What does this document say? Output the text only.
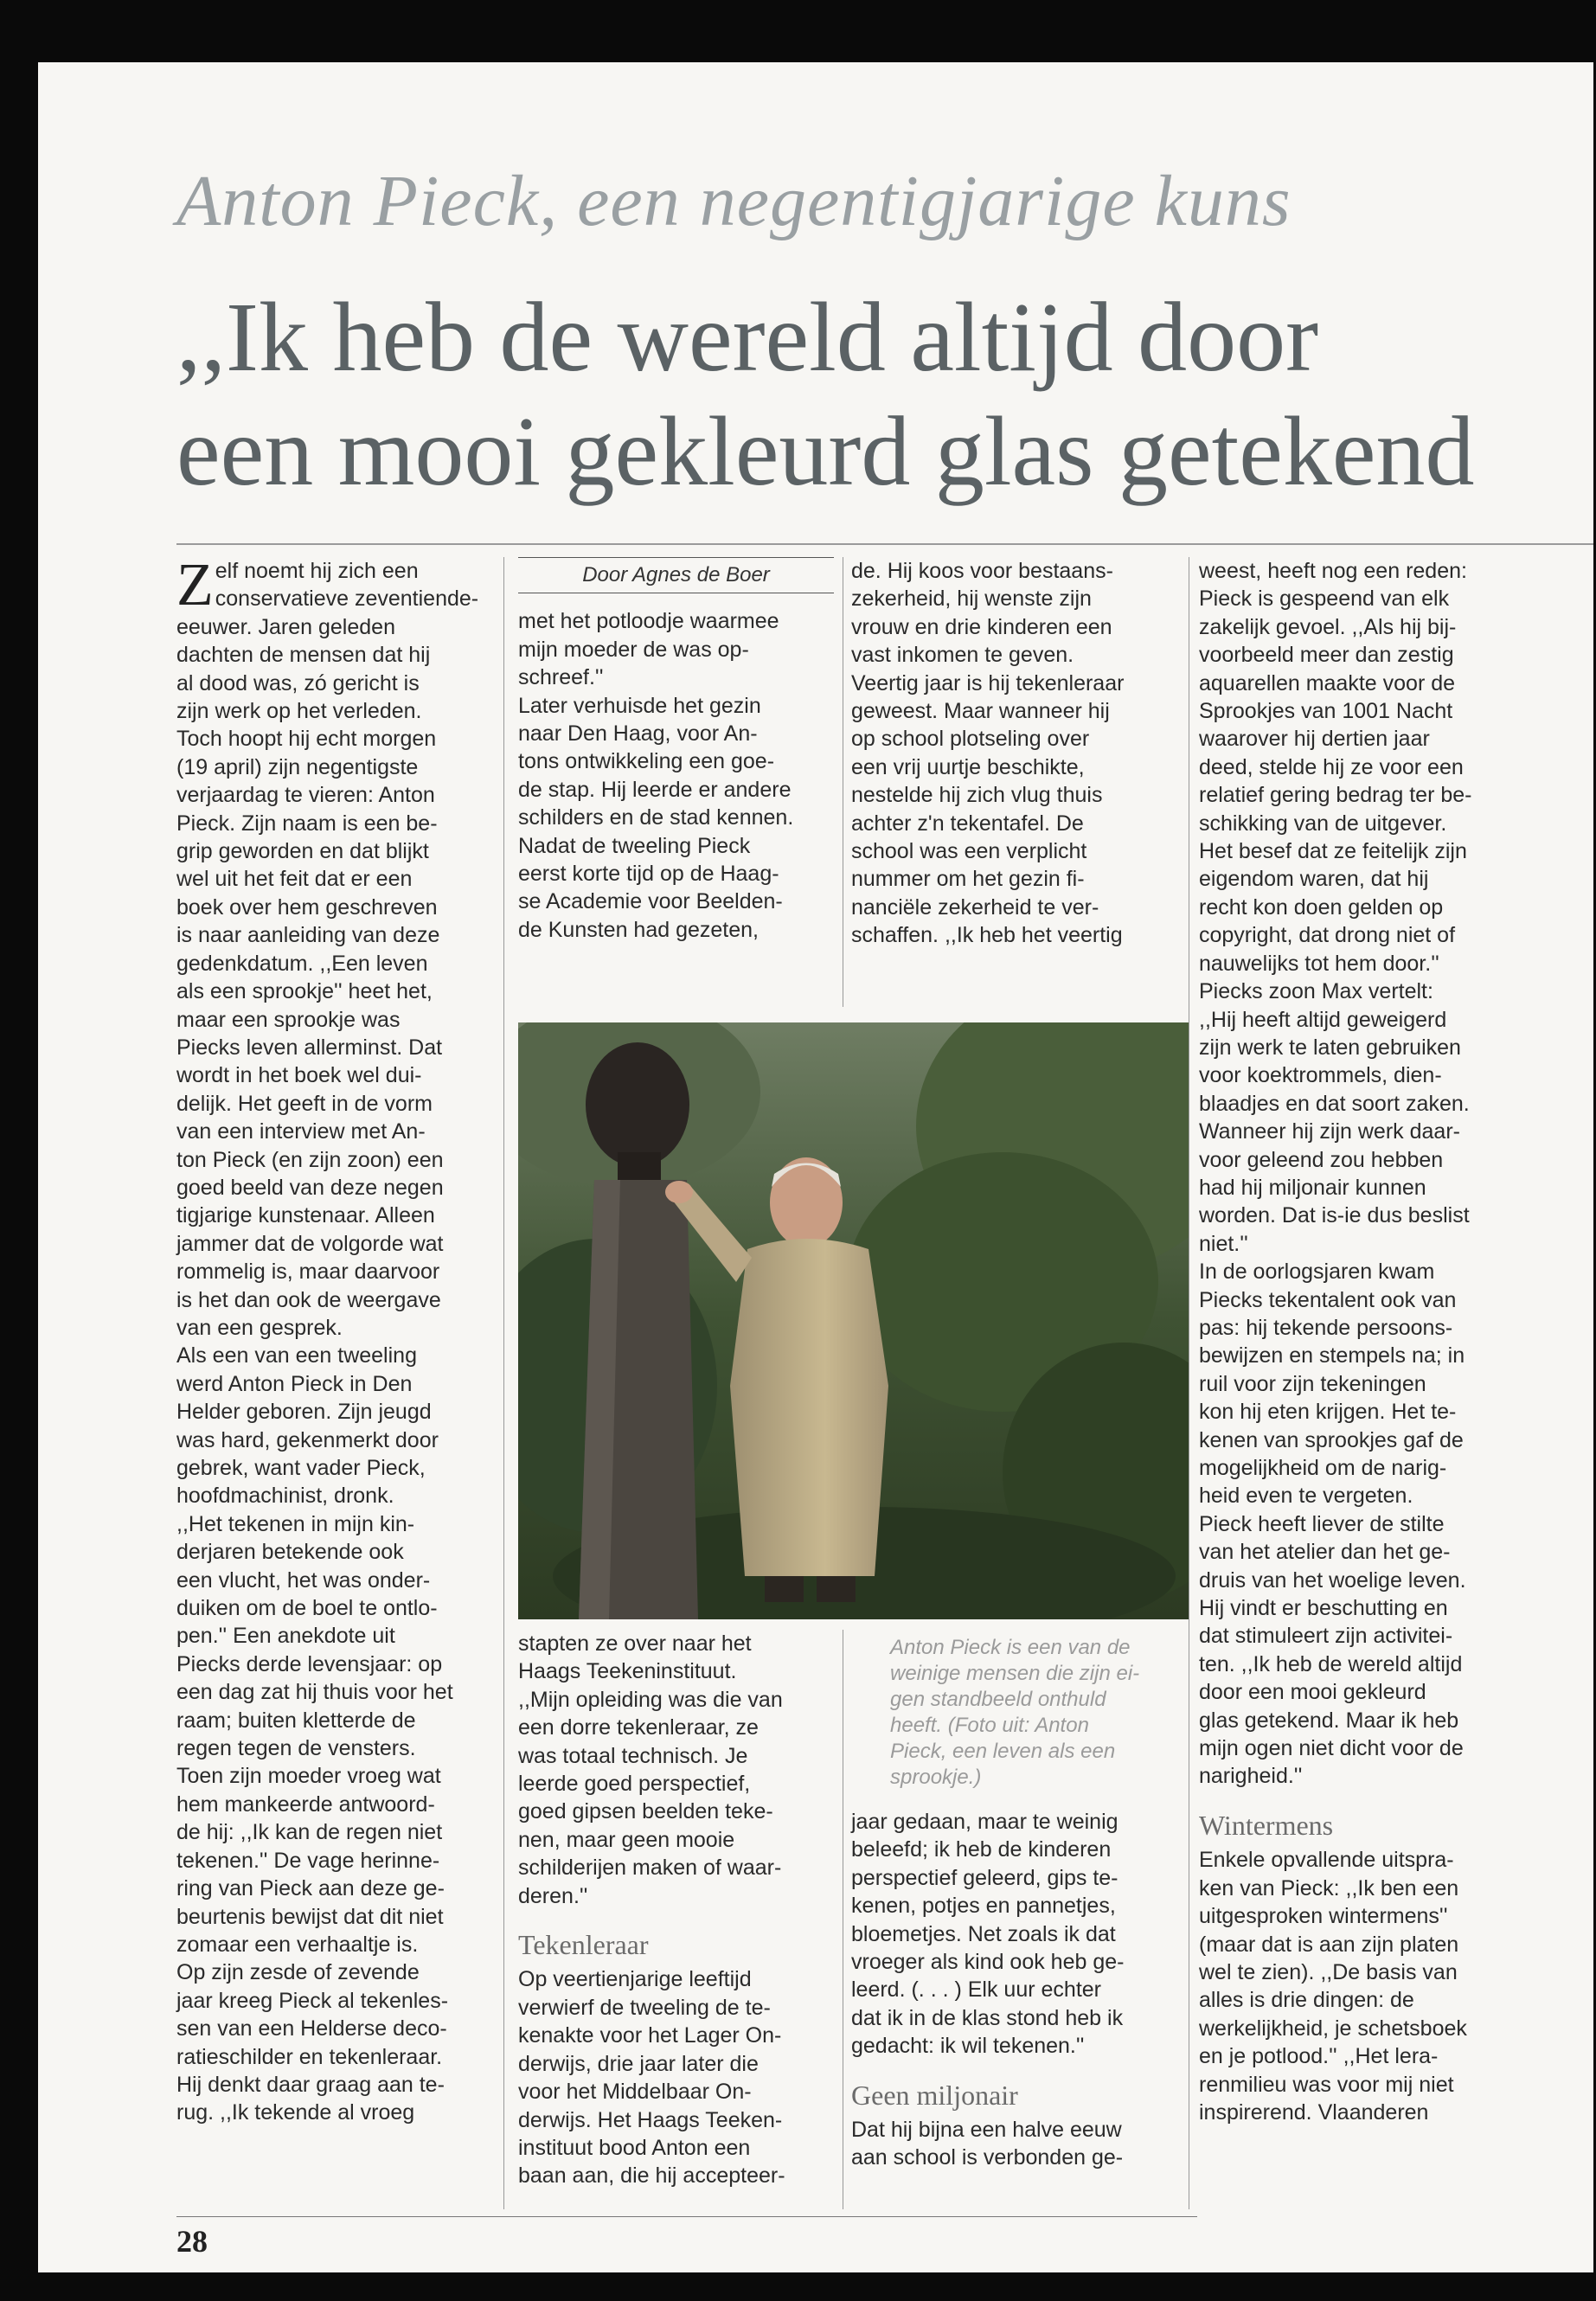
Anton Pieck, een negentigjarige kuns
,,Ik heb de wereld altijd door
een mooi gekleurd glas getekend
Z elf noemt hij zich een
conservatieve zeventiende-
eeuwer. Jaren geleden
dachten de mensen dat hij
al dood was, zó gericht is
zijn werk op het verleden.
Toch hoopt hij echt morgen
(19 april) zijn negentigste
verjaardag te vieren: Anton
Pieck. Zijn naam is een be-
grip geworden en dat blijkt
wel uit het feit dat er een
boek over hem geschreven
is naar aanleiding van deze
gedenkdatum. ,,Een leven
als een sprookje'' heet het,
maar een sprookje was
Piecks leven allerminst. Dat
wordt in het boek wel dui-
delijk. Het geeft in de vorm
van een interview met An-
ton Pieck (en zijn zoon) een
goed beeld van deze negen
tigjarige kunstenaar. Alleen
jammer dat de volgorde wat
rommelig is, maar daarvoor
is het dan ook de weergave
van een gesprek.
Als een van een tweeling
werd Anton Pieck in Den
Helder geboren. Zijn jeugd
was hard, gekenmerkt door
gebrek, want vader Pieck,
hoofdmachinist, dronk.
,,Het tekenen in mijn kin-
derjaren betekende ook
een vlucht, het was onder-
duiken om de boel te ontlo-
pen.'' Een anekdote uit
Piecks derde levensjaar: op
een dag zat hij thuis voor het
raam; buiten kletterde de
regen tegen de vensters.
Toen zijn moeder vroeg wat
hem mankeerde antwoord-
de hij: ,,Ik kan de regen niet
tekenen.'' De vage herinne-
ring van Pieck aan deze ge-
beurtenis bewijst dat dit niet
zomaar een verhaaltje is.
Op zijn zesde of zevende
jaar kreeg Pieck al tekenles-
sen van een Helderse deco-
ratieschilder en tekenleraar.
Hij denkt daar graag aan te-
rug. ,,Ik tekende al vroeg

Door Agnes de Boer

met het potloodje waarmee
mijn moeder de was op-
schreef.''
Later verhuisde het gezin
naar Den Haag, voor An-
tons ontwikkeling een goe-
de stap. Hij leerde er andere
schilders en de stad kennen.
Nadat de tweeling Pieck
eerst korte tijd op de Haag-
se Academie voor Beelden-
de Kunsten had gezeten,

stapten ze over naar het
Haags Teekeninstituut.
,,Mijn opleiding was die van
een dorre tekenleraar, ze
was totaal technisch. Je
leerde goed perspectief,
goed gipsen beelden teke-
nen, maar geen mooie
schilderijen maken of waar-
deren.''

Tekenleraar

Op veertienjarige leeftijd
verwierf de tweeling de te-
kenakte voor het Lager On-
derwijs, drie jaar later die
voor het Middelbaar On-
derwijs. Het Haags Teeken-
instituut bood Anton een
baan aan, die hij accepteer-

de. Hij koos voor bestaans-
zekerheid, hij wenste zijn
vrouw en drie kinderen een
vast inkomen te geven.
Veertig jaar is hij tekenleraar
geweest. Maar wanneer hij
op school plotseling over
een vrij uurtje beschikte,
nestelde hij zich vlug thuis
achter z'n tekentafel. De
school was een verplicht
nummer om het gezin fi-
nanciële zekerheid te ver-
schaffen. ,,Ik heb het veertig

Anton Pieck is een van de
weinige mensen die zijn ei-
gen standbeeld onthuld
heeft. (Foto uit: Anton
Pieck, een leven als een
sprookje.)

jaar gedaan, maar te weinig
beleefd; ik heb de kinderen
perspectief geleerd, gips te-
kenen, potjes en pannetjes,
bloemetjes. Net zoals ik dat
vroeger als kind ook heb ge-
leerd. (. . . ) Elk uur echter
dat ik in de klas stond heb ik
gedacht: ik wil tekenen.''

Geen miljonair

Dat hij bijna een halve eeuw
aan school is verbonden ge-

weest, heeft nog een reden:
Pieck is gespeend van elk
zakelijk gevoel. ,,Als hij bij-
voorbeeld meer dan zestig
aquarellen maakte voor de
Sprookjes van 1001 Nacht
waarover hij dertien jaar
deed, stelde hij ze voor een
relatief gering bedrag ter be-
schikking van de uitgever.
Het besef dat ze feitelijk zijn
eigendom waren, dat hij
recht kon doen gelden op
copyright, dat drong niet of
nauwelijks tot hem door.''
Piecks zoon Max vertelt:
,,Hij heeft altijd geweigerd
zijn werk te laten gebruiken
voor koektrommels, dien-
blaadjes en dat soort zaken.
Wanneer hij zijn werk daar-
voor geleend zou hebben
had hij miljonair kunnen
worden. Dat is-ie dus beslist
niet.''
In de oorlogsjaren kwam
Piecks tekentalent ook van
pas: hij tekende persoons-
bewijzen en stempels na; in
ruil voor zijn tekeningen
kon hij eten krijgen. Het te-
kenen van sprookjes gaf de
mogelijkheid om de narig-
heid even te vergeten.
Pieck heeft liever de stilte
van het atelier dan het ge-
druis van het woelige leven.
Hij vindt er beschutting en
dat stimuleert zijn activitei-
ten. ,,Ik heb de wereld altijd
door een mooi gekleurd
glas getekend. Maar ik heb
mijn ogen niet dicht voor de
narigheid.''

Wintermens

Enkele opvallende uitspra-
ken van Pieck: ,,Ik ben een
uitgesproken wintermens''
(maar dat is aan zijn platen
wel te zien). ,,De basis van
alles is drie dingen: de
werkelijkheid, je schetsboek
en je potlood.'' ,,Het lera-
renmilieu was voor mij niet
inspirerend. Vlaanderen

28
